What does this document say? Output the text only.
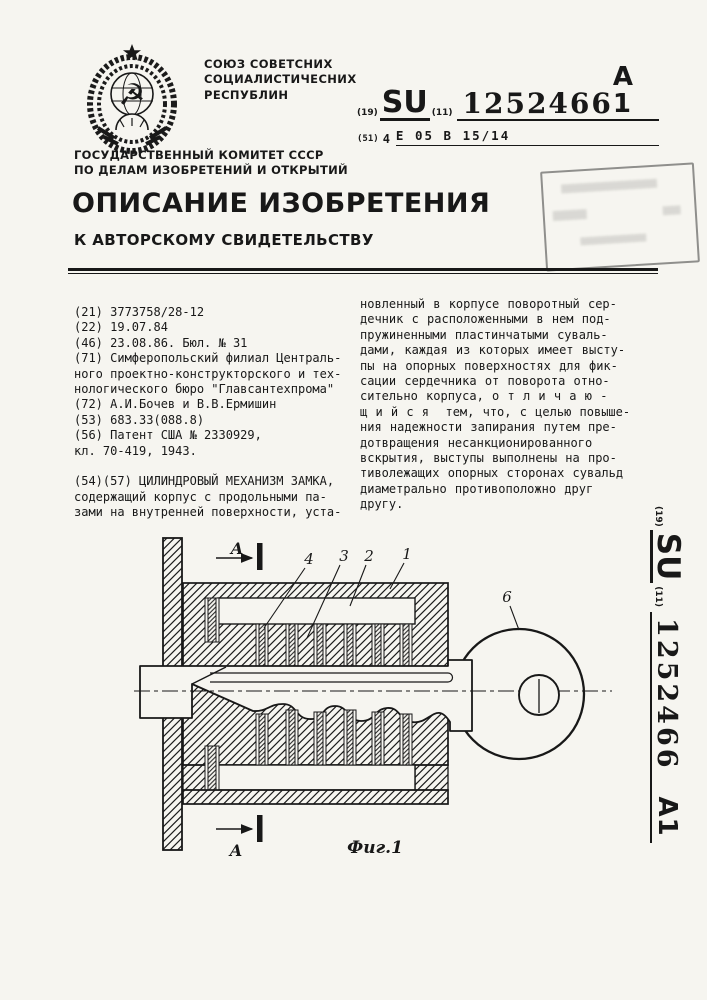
☭
СОЮЗ СОВЕТСНИХ
СОЦИАЛИСТИЧЕСНИХ
РЕСПУБЛИН
ГОСУДАРСТВЕННЫЙ КОМИТЕТ СССР
ПО ДЕЛАМ ИЗОБРЕТЕНИЙ И ОТКРЫТИЙ
(19) SU (11) 1252466
A 1
(51) 4 E 05 B 15/14
ОПИСАНИЕ ИЗОБРЕТЕНИЯ
К АВТОРСКОМУ СВИДЕТЕЛЬСТВУ
(21) 3773758/28-12
(22) 19.07.84
(46) 23.08.86. Бюл. № 31
(71) Симферопольский филиал Централь-
ного проектно-конструкторского и тех-
нологического бюро "Главсантехпрома"
(72) А.И.Бочев и В.В.Ермишин
(53) 683.33(088.8)
(56) Патент США № 2330929,
кл. 70-419, 1943.

(54)(57) ЦИЛИНДРОВЫЙ МЕХАНИЗМ ЗАМКА,
содержащий корпус с продольными па-
зами на внутренней поверхности, уста-
новленный в корпусе поворотный сер-
дечник с расположенными в нем под-
пружиненными пластинчатыми суваль-
дами, каждая из которых имеет высту-
пы на опорных поверхностях для фик-
сации сердечника от поворота отно-
сительно корпуса, о т л и ч а ю -
щ и й с я  тем, что, с целью повыше-
ния надежности запирания путем пре-
дотвращения несанкционированного
вскрытия, выступы выполнены на про-
тиволежащих опорных сторонах сувальд
диаметрально противоположно друг
другу.
А
А
4 3 2 1
6
Фиг.1
(19)
SU
(11)
1252466
A1
